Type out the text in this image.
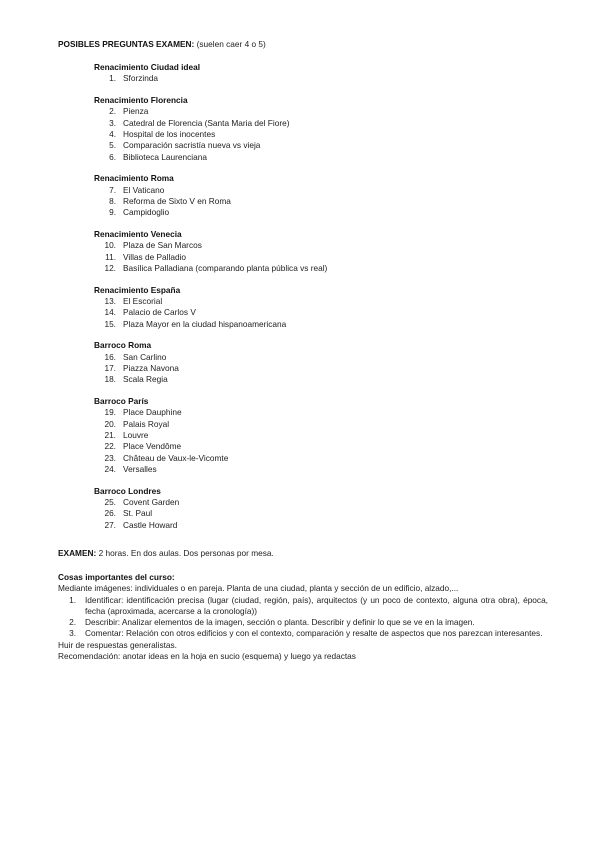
POSIBLES PREGUNTAS EXAMEN: (suelen caer 4 o 5)
Renacimiento Ciudad ideal
1. Sforzinda
Renacimiento Florencia
2. Pienza
3. Catedral de Florencia (Santa Maria del Fiore)
4. Hospital de los inocentes
5. Comparación sacristía nueva vs vieja
6. Biblioteca Laurenciana
Renacimiento Roma
7. El Vaticano
8. Reforma de Sixto V en Roma
9. Campidoglio
Renacimiento Venecia
10. Plaza de San Marcos
11. Villas de Palladio
12. Basílica Palladiana (comparando planta pública vs real)
Renacimiento España
13. El Escorial
14. Palacio de Carlos V
15. Plaza Mayor en la ciudad hispanoamericana
Barroco Roma
16. San Carlino
17. Piazza Navona
18. Scala Regia
Barroco París
19. Place Dauphine
20. Palais Royal
21. Louvre
22. Place Vendôme
23. Château de Vaux-le-Vicomte
24. Versalles
Barroco Londres
25. Covent Garden
26. St. Paul
27. Castle Howard
EXAMEN: 2 horas. En dos aulas. Dos personas por mesa.
Cosas importantes del curso:
Mediante imágenes: individuales o en pareja. Planta de una ciudad, planta y sección de un edificio, alzado,...
1.	Identificar: identificación precisa (lugar (ciudad, región, país), arquitectos (y un poco de contexto, alguna otra obra), época, fecha (aproximada, acercarse a la cronología))
2.	Describir: Analizar elementos de la imagen, sección o planta. Describir y definir lo que se ve en la imagen.
3.	Comentar: Relación con otros edificios y con el contexto, comparación y resalte de aspectos que nos parezcan interesantes.
Huir de respuestas generalistas.
Recomendación: anotar ideas en la hoja en sucio (esquema) y luego ya redactas
